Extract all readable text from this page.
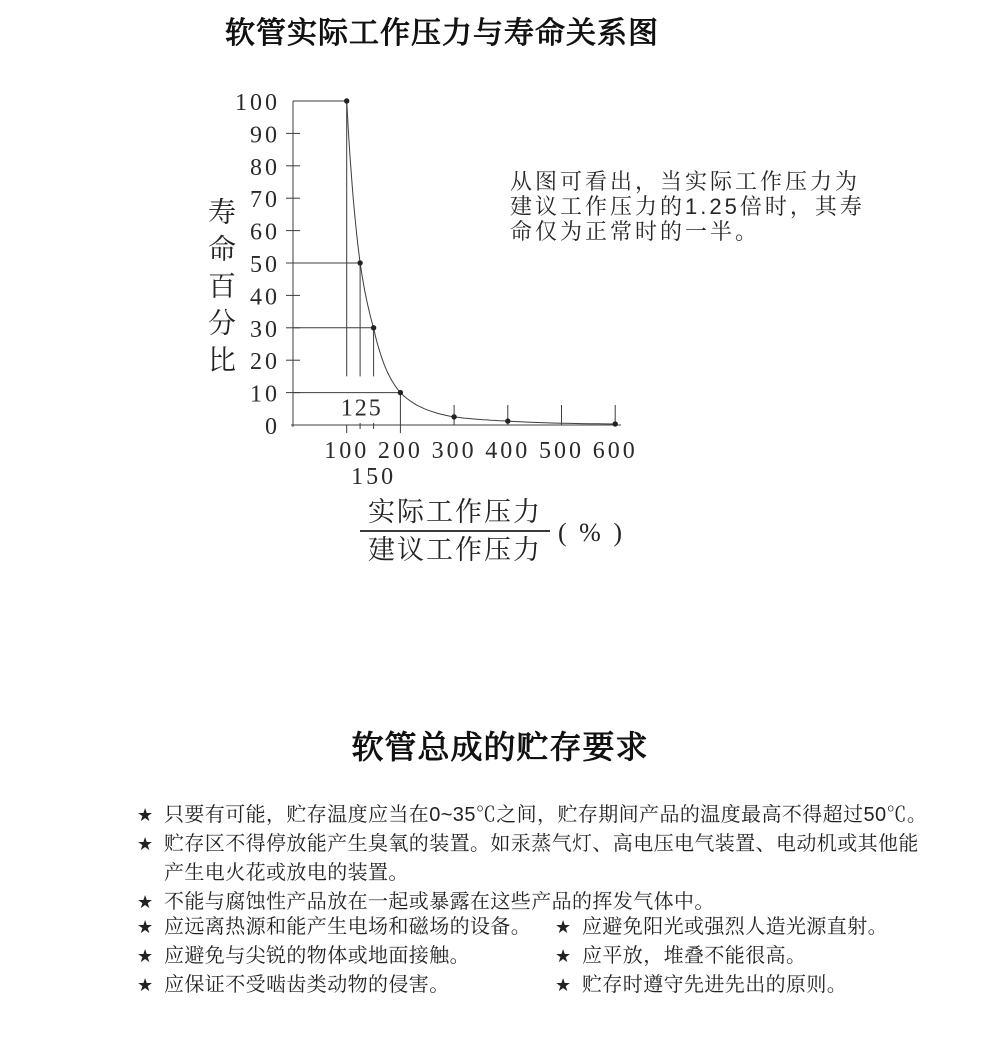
软管实际工作压力与寿命关系图
0
10
20
30
40
50
60
70
80
90
100
100 200 300 400 500 600
150
125
寿命百分比
从图可看出，当实际工作压力为
建议工作压力的1.25倍时，其寿
命仅为正常时的一半。
$\frac{\text{实际工作压力}}{\text{建议工作压力}}$ ( % )
软管总成的贮存要求
★ 只要有可能，贮存温度应当在0~35℃之间，贮存期间产品的温度最高不得超过50℃。
★ 贮存区不得停放能产生臭氧的装置。如汞蒸气灯、高电压电气装置、电动机或其他能
产生电火花或放电的装置。
★ 不能与腐蚀性产品放在一起或暴露在这些产品的挥发气体中。
★ 应远离热源和能产生电场和磁场的设备。
★ 应避免与尖锐的物体或地面接触。
★ 应保证不受啮齿类动物的侵害。
★ 应避免阳光或强烈人造光源直射。
★ 应平放，堆叠不能很高。
★ 贮存时遵守先进先出的原则。
